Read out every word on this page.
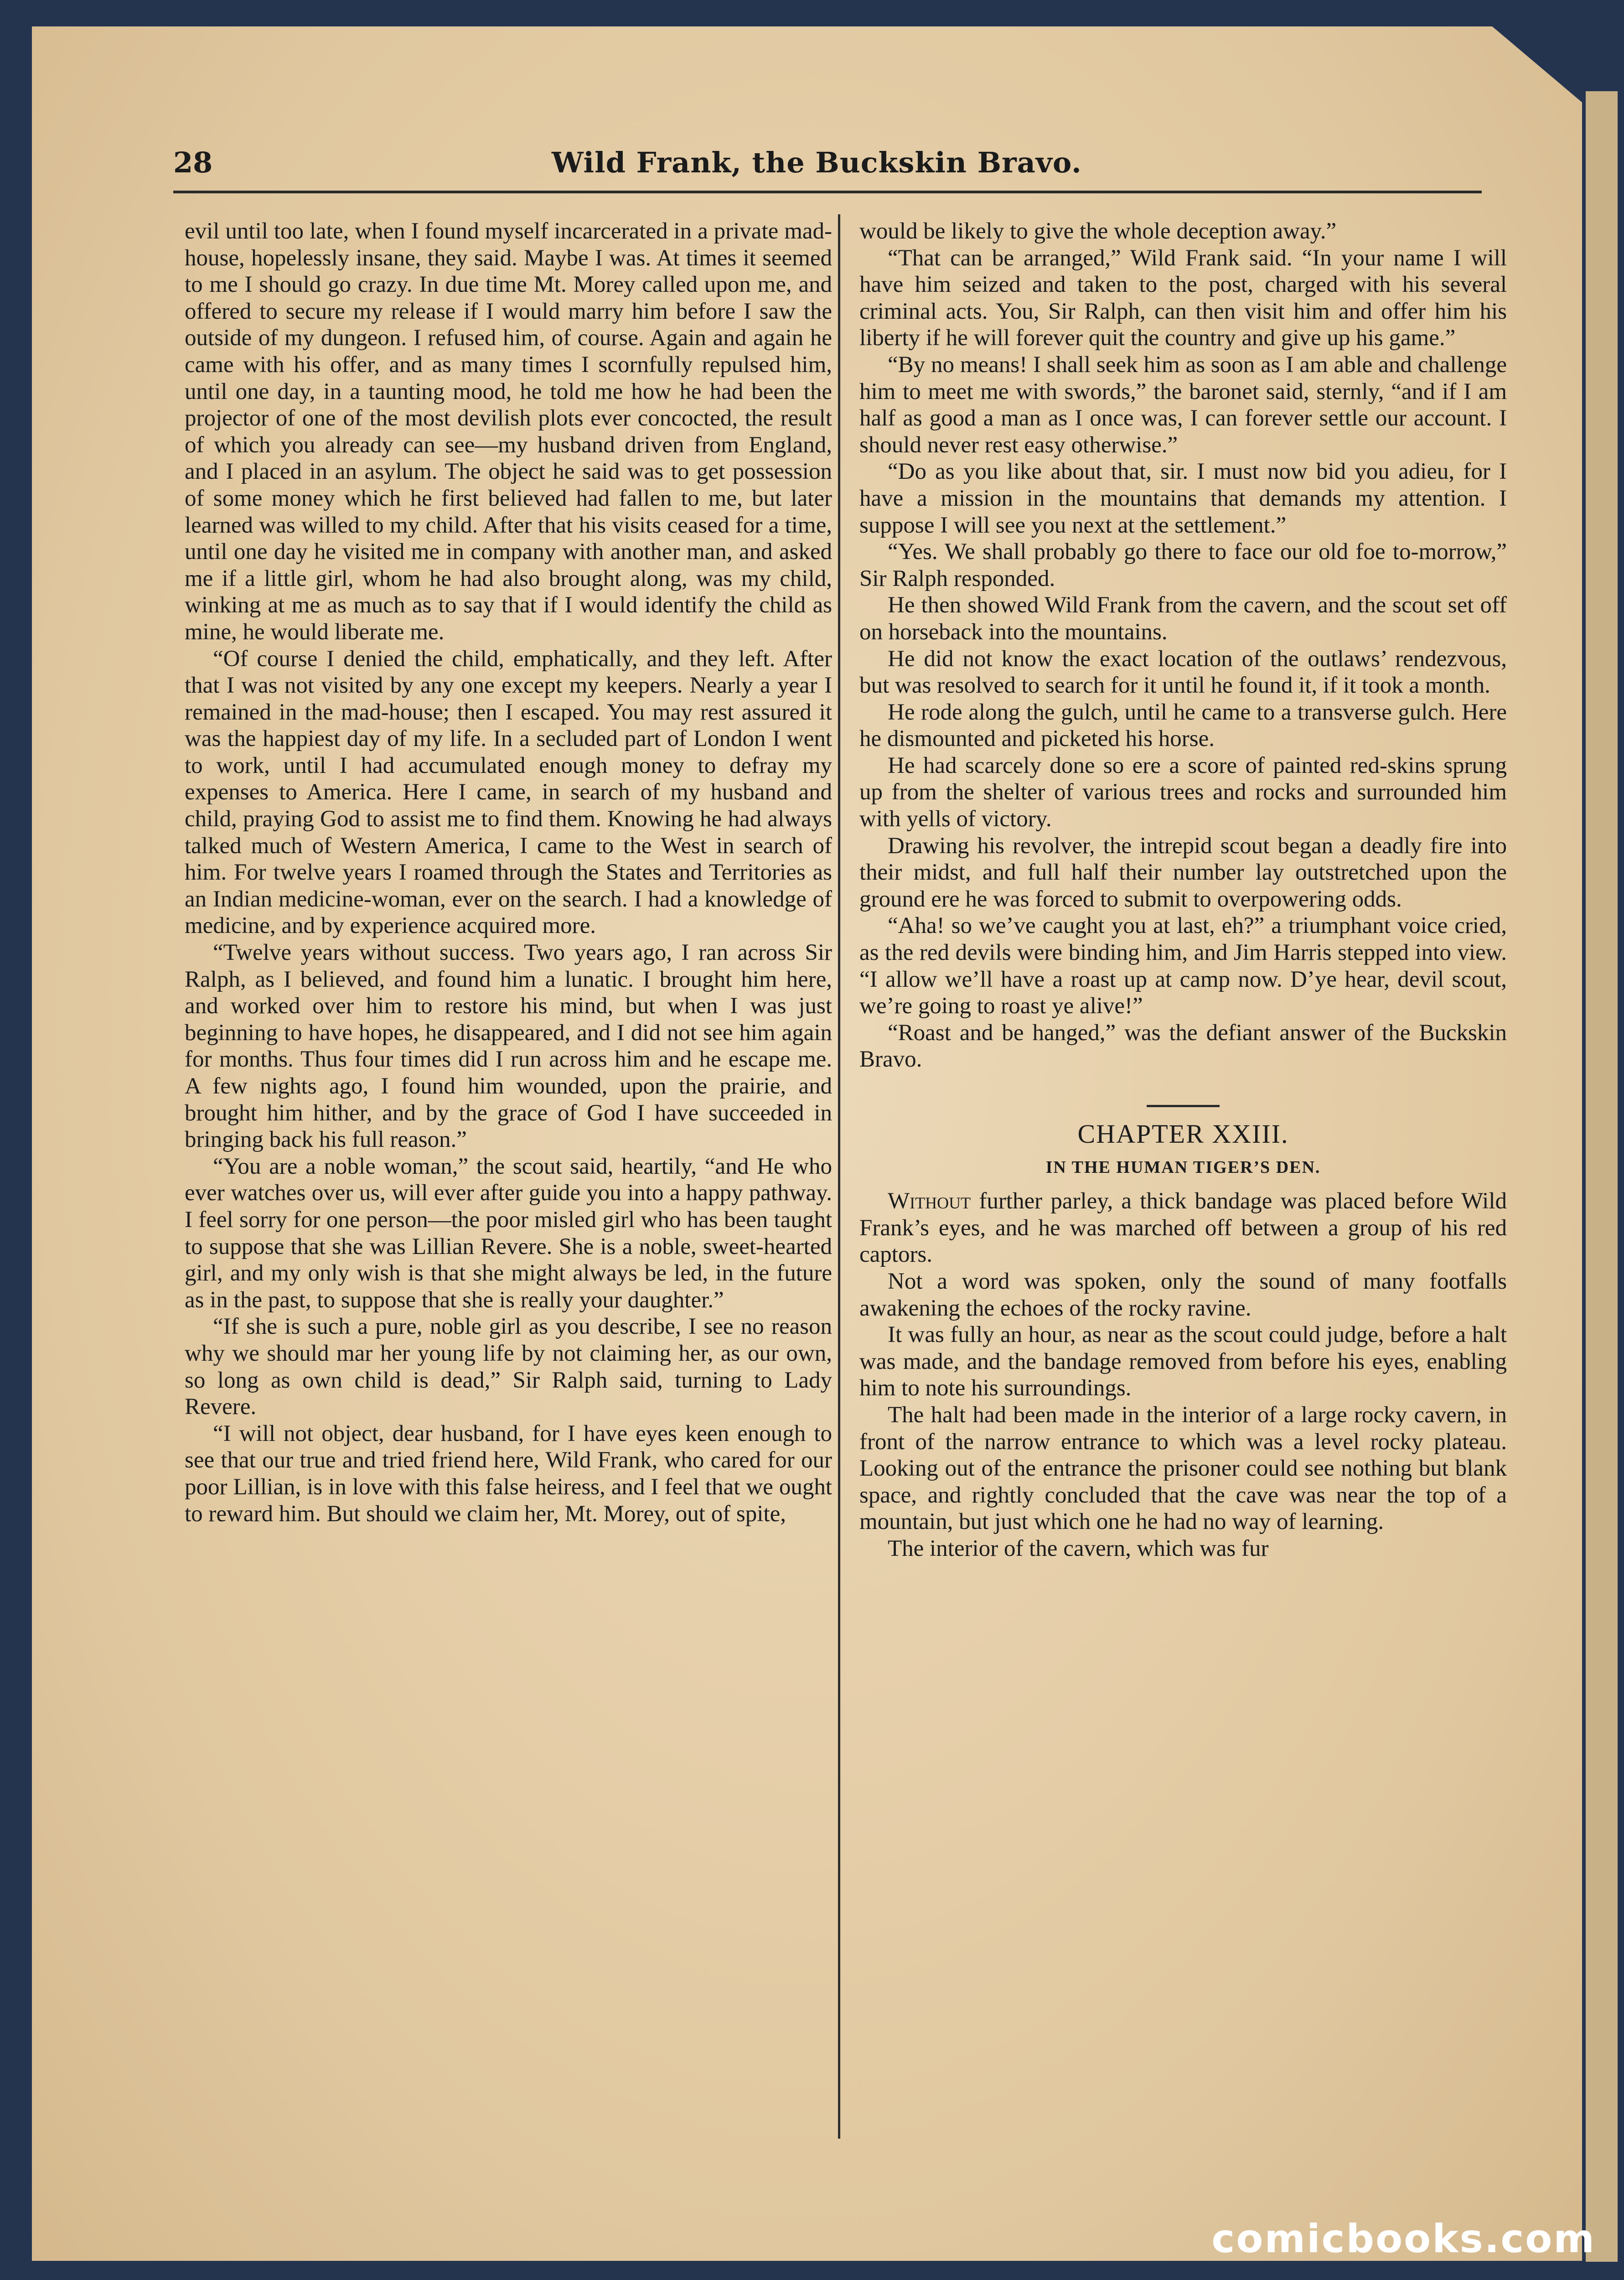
28	Wild Frank, the Buckskin Bravo.

evil until too late, when I found myself incarcerated in a private mad-house, hopelessly insane, they said. Maybe I was. At times it seemed to me I should go crazy. In due time Mt. Morey called upon me, and offered to secure my release if I would marry him before I saw the outside of my dungeon. I refused him, of course. Again and again he came with his offer, and as many times I scornfully repulsed him, until one day, in a taunting mood, he told me how he had been the projector of one of the most devilish plots ever concocted, the result of which you already can see—my husband driven from England, and I placed in an asylum. The object he said was to get possession of some money which he first believed had fallen to me, but later learned was willed to my child. After that his visits ceased for a time, until one day he visited me in company with another man, and asked me if a little girl, whom he had also brought along, was my child, winking at me as much as to say that if I would identify the child as mine, he would liberate me.

“Of course I denied the child, emphatically, and they left. After that I was not visited by any one except my keepers. Nearly a year I remained in the mad-house; then I escaped. You may rest assured it was the happiest day of my life. In a secluded part of London I went to work, until I had accumulated enough money to defray my expenses to America. Here I came, in search of my husband and child, praying God to assist me to find them. Knowing he had always talked much of Western America, I came to the West in search of him. For twelve years I roamed through the States and Territories as an Indian medicine-woman, ever on the search. I had a knowledge of medicine, and by experience acquired more.

“Twelve years without success. Two years ago, I ran across Sir Ralph, as I believed, and found him a lunatic. I brought him here, and worked over him to restore his mind, but when I was just beginning to have hopes, he disappeared, and I did not see him again for months. Thus four times did I run across him and he escape me. A few nights ago, I found him wounded, upon the prairie, and brought him hither, and by the grace of God I have succeeded in bringing back his full reason.”

“You are a noble woman,” the scout said, heartily, “and He who ever watches over us, will ever after guide you into a happy pathway. I feel sorry for one person—the poor misled girl who has been taught to suppose that she was Lillian Revere. She is a noble, sweet-hearted girl, and my only wish is that she might always be led, in the future as in the past, to suppose that she is really your daughter.”

“If she is such a pure, noble girl as you describe, I see no reason why we should mar her young life by not claiming her, as our own, so long as own child is dead,” Sir Ralph said, turning to Lady Revere.

“I will not object, dear husband, for I have eyes keen enough to see that our true and tried friend here, Wild Frank, who cared for our poor Lillian, is in love with this false heiress, and I feel that we ought to reward him. But should we claim her, Mt. Morey, out of spite,

would be likely to give the whole deception away.”

“That can be arranged,” Wild Frank said. “In your name I will have him seized and taken to the post, charged with his several criminal acts. You, Sir Ralph, can then visit him and offer him his liberty if he will forever quit the country and give up his game.”

“By no means! I shall seek him as soon as I am able and challenge him to meet me with swords,” the baronet said, sternly, “and if I am half as good a man as I once was, I can forever settle our account. I should never rest easy otherwise.”

“Do as you like about that, sir. I must now bid you adieu, for I have a mission in the mountains that demands my attention. I suppose I will see you next at the settlement.”

“Yes. We shall probably go there to face our old foe to-morrow,” Sir Ralph responded.

He then showed Wild Frank from the cavern, and the scout set off on horseback into the mountains.

He did not know the exact location of the outlaws’ rendezvous, but was resolved to search for it until he found it, if it took a month.

He rode along the gulch, until he came to a transverse gulch. Here he dismounted and picketed his horse.

He had scarcely done so ere a score of painted red-skins sprung up from the shelter of various trees and rocks and surrounded him with yells of victory.

Drawing his revolver, the intrepid scout began a deadly fire into their midst, and full half their number lay outstretched upon the ground ere he was forced to submit to overpowering odds.

“Aha! so we’ve caught you at last, eh?” a triumphant voice cried, as the red devils were binding him, and Jim Harris stepped into view. “I allow we’ll have a roast up at camp now. D’ye hear, devil scout, we’re going to roast ye alive!”

“Roast and be hanged,” was the defiant answer of the Buckskin Bravo.

CHAPTER XXIII.
IN THE HUMAN TIGER’S DEN.

Without further parley, a thick bandage was placed before Wild Frank’s eyes, and he was marched off between a group of his red captors.

Not a word was spoken, only the sound of many footfalls awakening the echoes of the rocky ravine.

It was fully an hour, as near as the scout could judge, before a halt was made, and the bandage removed from before his eyes, enabling him to note his surroundings.

The halt had been made in the interior of a large rocky cavern, in front of the narrow entrance to which was a level rocky plateau. Looking out of the entrance the prisoner could see nothing but blank space, and rightly concluded that the cave was near the top of a mountain, but just which one he had no way of learning.

The interior of the cavern, which was fur

comicbooks.com
